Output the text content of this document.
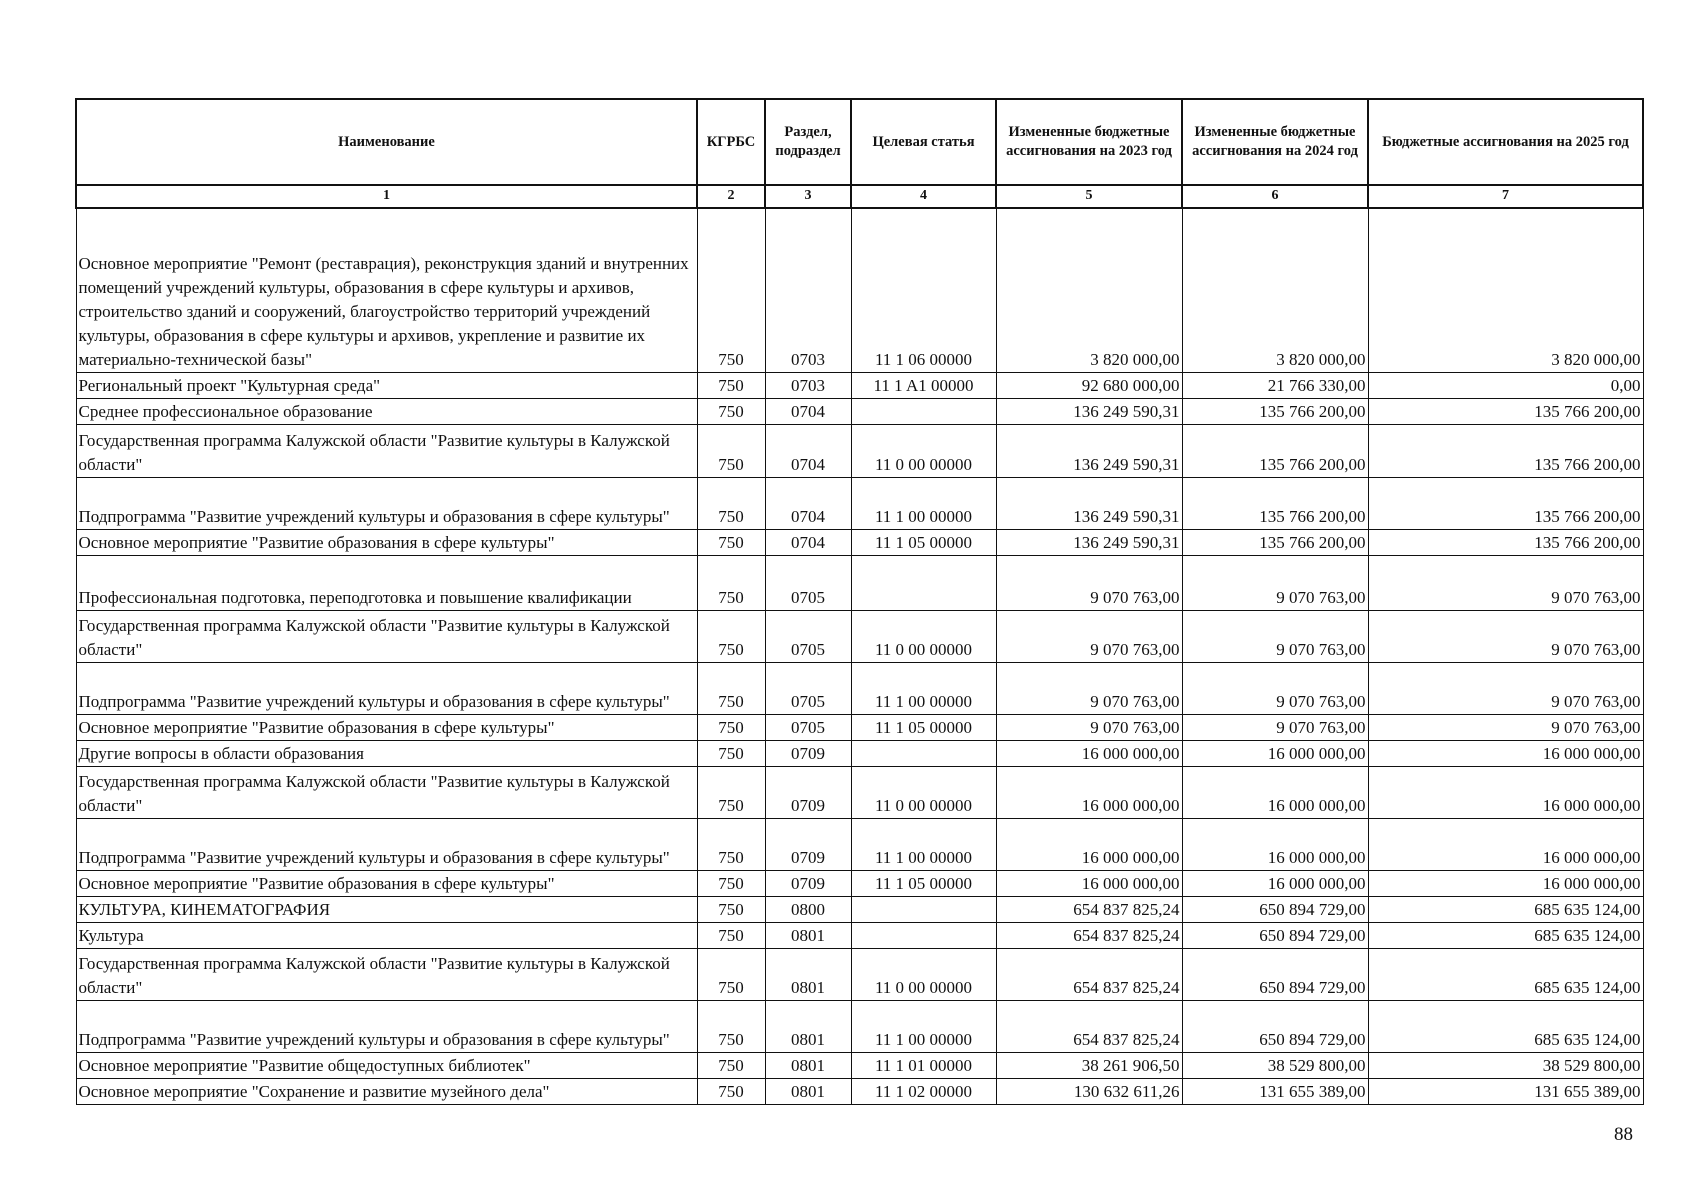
Наименование	КГРБС	Раздел, подраздел	Целевая статья	Измененные бюджетные ассигнования на 2023 год	Измененные бюджетные ассигнования на 2024 год	Бюджетные ассигнования на 2025 год
1	2	3	4	5	6	7
Основное мероприятие "Ремонт (реставрация), реконструкция зданий и внутренних помещений учреждений культуры, образования в сфере культуры и архивов, строительство зданий и сооружений, благоустройство территорий учреждений культуры, образования в сфере культуры и архивов, укрепление и развитие их материально-технической базы"	750	0703	11 1 06 00000	3 820 000,00	3 820 000,00	3 820 000,00
Региональный проект "Культурная среда"	750	0703	11 1 A1 00000	92 680 000,00	21 766 330,00	0,00
Среднее профессиональное образование	750	0704		136 249 590,31	135 766 200,00	135 766 200,00
Государственная программа Калужской области "Развитие культуры в Калужской области"	750	0704	11 0 00 00000	136 249 590,31	135 766 200,00	135 766 200,00
Подпрограмма "Развитие учреждений культуры и образования в сфере культуры"	750	0704	11 1 00 00000	136 249 590,31	135 766 200,00	135 766 200,00
Основное мероприятие "Развитие образования в сфере культуры"	750	0704	11 1 05 00000	136 249 590,31	135 766 200,00	135 766 200,00
Профессиональная подготовка, переподготовка и повышение квалификации	750	0705		9 070 763,00	9 070 763,00	9 070 763,00
Государственная программа Калужской области "Развитие культуры в Калужской области"	750	0705	11 0 00 00000	9 070 763,00	9 070 763,00	9 070 763,00
Подпрограмма "Развитие учреждений культуры и образования в сфере культуры"	750	0705	11 1 00 00000	9 070 763,00	9 070 763,00	9 070 763,00
Основное мероприятие "Развитие образования в сфере культуры"	750	0705	11 1 05 00000	9 070 763,00	9 070 763,00	9 070 763,00
Другие вопросы в области образования	750	0709		16 000 000,00	16 000 000,00	16 000 000,00
Государственная программа Калужской области "Развитие культуры в Калужской области"	750	0709	11 0 00 00000	16 000 000,00	16 000 000,00	16 000 000,00
Подпрограмма "Развитие учреждений культуры и образования в сфере культуры"	750	0709	11 1 00 00000	16 000 000,00	16 000 000,00	16 000 000,00
Основное мероприятие "Развитие образования в сфере культуры"	750	0709	11 1 05 00000	16 000 000,00	16 000 000,00	16 000 000,00
КУЛЬТУРА, КИНЕМАТОГРАФИЯ	750	0800		654 837 825,24	650 894 729,00	685 635 124,00
Культура	750	0801		654 837 825,24	650 894 729,00	685 635 124,00
Государственная программа Калужской области "Развитие культуры в Калужской области"	750	0801	11 0 00 00000	654 837 825,24	650 894 729,00	685 635 124,00
Подпрограмма "Развитие учреждений культуры и образования в сфере культуры"	750	0801	11 1 00 00000	654 837 825,24	650 894 729,00	685 635 124,00
Основное мероприятие "Развитие общедоступных библиотек"	750	0801	11 1 01 00000	38 261 906,50	38 529 800,00	38 529 800,00
Основное мероприятие "Сохранение и развитие музейного дела"	750	0801	11 1 02 00000	130 632 611,26	131 655 389,00	131 655 389,00
88
